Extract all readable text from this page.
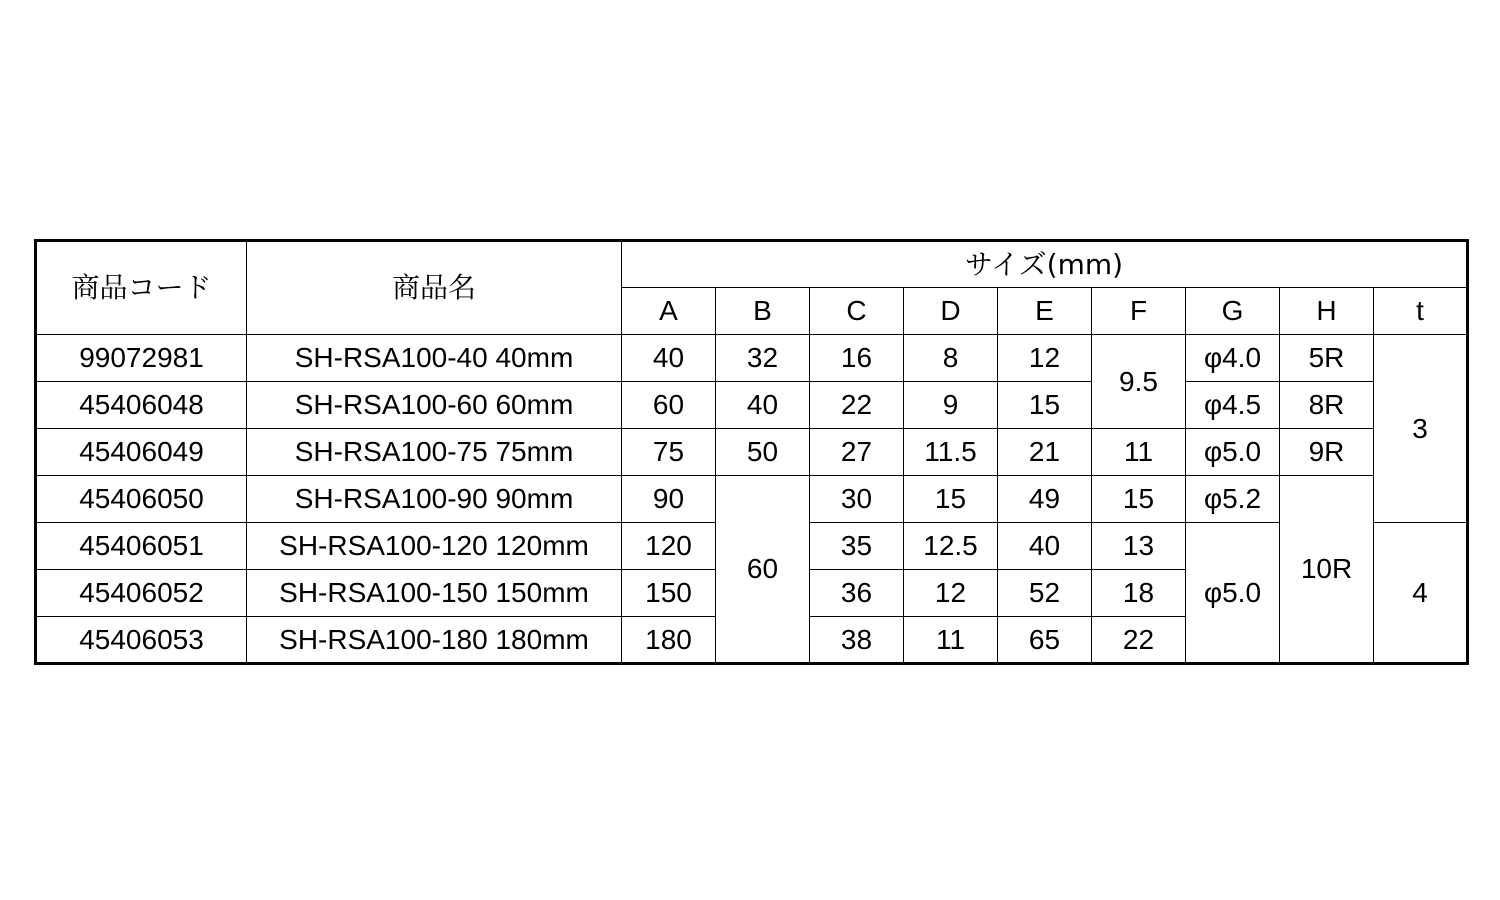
商品コード	商品名	サイズ(mm)								
		A	B	C	D	E	F	G	H	t
99072981	SH-RSA100-40 40mm	40	32	16	8	12	9.5	φ4.0	5R	3
45406048	SH-RSA100-60 60mm	60	40	22	9	15		φ4.5	8R	
45406049	SH-RSA100-75 75mm	75	50	27	11.5	21	11	φ5.0	9R	
45406050	SH-RSA100-90 90mm	90	60	30	15	49	15	φ5.2	10R	
45406051	SH-RSA100-120 120mm	120		35	12.5	40	13	φ5.0		4
45406052	SH-RSA100-150 150mm	150		36	12	52	18			
45406053	SH-RSA100-180 180mm	180		38	11	65	22			
